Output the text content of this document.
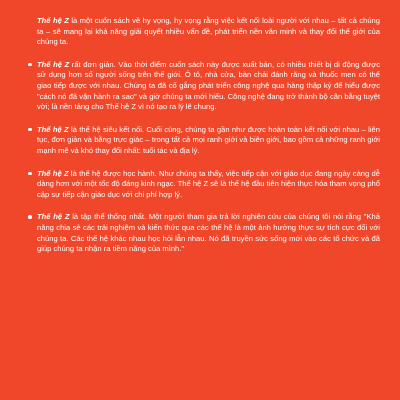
Thế hệ Z là một cuốn sách về hy vọng, hy vọng rằng việc kết nối loài người với nhau – tất cả chúng ta – sẽ mang lại khả năng giải quyết nhiều vấn đề, phát triển nền văn minh và thay đổi thế giới của chúng ta.

Thế hệ Z rất đơn giản. Vào thời điểm cuốn sách này được xuất bản, có nhiều thiết bị di động được sử dụng hơn số người sống trên thế giới. Ô tô, nhà cửa, bàn chải đánh răng và thuốc men có thể giao tiếp được với nhau. Chúng ta đã cố gắng phát triển công nghệ qua hàng thập kỷ để hiểu được "cách nó đã vận hành ra sao" và giờ chúng ta mới hiểu. Công nghệ đang trở thành bộ cân bằng tuyệt vời; là nền tảng cho Thế hệ Z vì nó tạo ra lý lẽ chung.

Thế hệ Z là thế hệ siêu kết nối. Cuối cùng, chúng ta gần như được hoàn toàn kết nối với nhau – liên tục, đơn giản và bằng trực giác – trong tất cả mọi ranh giới và biên giới, bao gồm cả những ranh giới mạnh mẽ và khó thay đổi nhất: tuổi tác và địa lý.

Thế hệ Z là thế hệ được học hành. Như chúng ta thấy, việc tiếp cận với giáo dục đang ngày càng dễ dàng hơn với một tốc độ đáng kinh ngạc. Thế hệ Z sẽ là thế hệ đầu tiên hiện thực hóa tham vọng phổ cập sự tiếp cận giáo dục với chi phí hợp lý.

Thế hệ Z là tập thể thống nhất. Một người tham gia trả lời nghiên cứu của chúng tôi nói rằng "Khả năng chia sẻ các trải nghiệm và kiến thức qua các thế hệ là một ảnh hưởng thực sự tích cực đối với chúng ta. Các thế hệ khác nhau học hỏi lẫn nhau. Nó đã truyền sức sống mới vào các tổ chức và đã giúp chúng ta nhận ra tiềm năng của mình."
